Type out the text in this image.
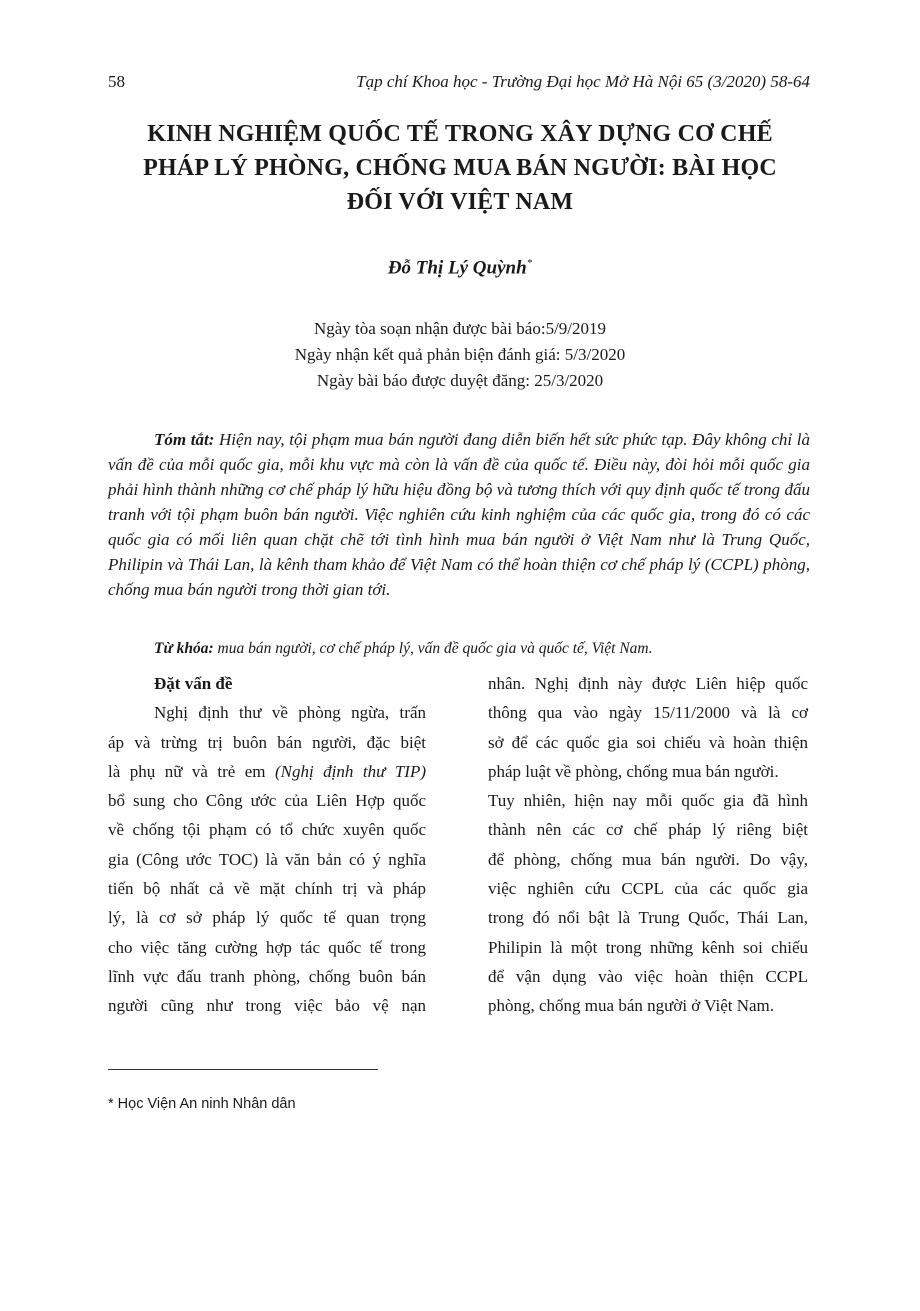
58	Tạp chí Khoa học - Trường Đại học Mở Hà Nội 65 (3/2020) 58-64
KINH NGHIỆM QUỐC TẾ TRONG XÂY DỰNG CƠ CHẾ
PHÁP LÝ PHÒNG, CHỐNG MUA BÁN NGƯỜI: BÀI HỌC
ĐỐI VỚI VIỆT NAM
Đỗ Thị Lý Quỳnh*
Ngày tòa soạn nhận được bài báo:5/9/2019
Ngày nhận kết quả phản biện đánh giá: 5/3/2020
Ngày bài báo được duyệt đăng: 25/3/2020
Tóm tắt: Hiện nay, tội phạm mua bán người đang diễn biến hết sức phức tạp. Đây không chỉ là vấn đề của mỗi quốc gia, mỗi khu vực mà còn là vấn đề của quốc tế. Điều này, đòi hỏi mỗi quốc gia phải hình thành những cơ chế pháp lý hữu hiệu đồng bộ và tương thích với quy định quốc tế trong đấu tranh với tội phạm buôn bán người. Việc nghiên cứu kinh nghiệm của các quốc gia, trong đó có các quốc gia có mối liên quan chặt chẽ tới tình hình mua bán người ở Việt Nam như là Trung Quốc, Philipin và Thái Lan, là kênh tham khảo để Việt Nam có thể hoàn thiện cơ chế pháp lý (CCPL) phòng, chống mua bán người trong thời gian tới.
Từ khóa: mua bán người, cơ chế pháp lý, vấn đề quốc gia và quốc tế, Việt Nam.
Đặt vấn đề
Nghị định thư về phòng ngừa, trấn
áp và trừng trị buôn bán người, đặc biệt
là phụ nữ và trẻ em (Nghị định thư TIP)
bổ sung cho Công ước của Liên Hợp quốc
về chống tội phạm có tổ chức xuyên quốc
gia (Công ước TOC) là văn bản có ý nghĩa
tiến bộ nhất cả về mặt chính trị và pháp
lý, là cơ sở pháp lý quốc tế quan trọng
cho việc tăng cường hợp tác quốc tế trong
lĩnh vực đấu tranh phòng, chống buôn bán
người cũng như trong việc bảo vệ nạn
nhân. Nghị định này được Liên hiệp quốc
thông qua vào ngày 15/11/2000 và là cơ
sở để các quốc gia soi chiếu và hoàn thiện
pháp luật về phòng, chống mua bán người.
Tuy nhiên, hiện nay mỗi quốc gia đã hình
thành nên các cơ chế pháp lý riêng biệt
để phòng, chống mua bán người. Do vậy,
việc nghiên cứu CCPL của các quốc gia
trong đó nổi bật là Trung Quốc, Thái Lan,
Philipin là một trong những kênh soi chiếu
để vận dụng vào việc hoàn thiện CCPL
phòng, chống mua bán người ở Việt Nam.
* Học Viện An ninh Nhân dân
